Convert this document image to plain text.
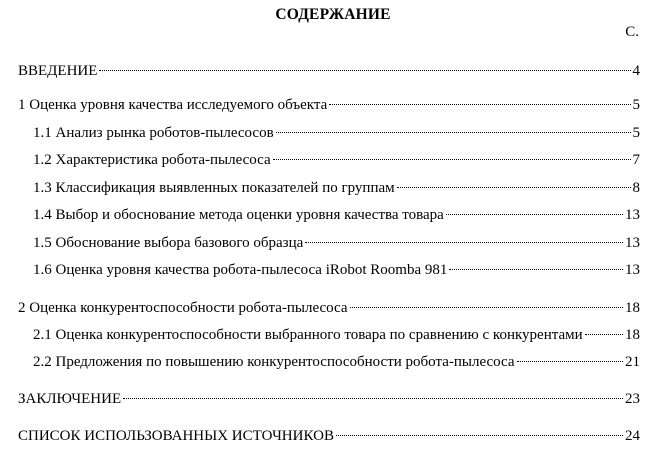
СОДЕРЖАНИЕ
С.
ВВЕДЕНИЕ	4
1 Оценка уровня качества исследуемого объекта	5
1.1 Анализ рынка роботов-пылесосов	5
1.2 Характеристика робота-пылесоса	7
1.3 Классификация выявленных показателей по группам	8
1.4 Выбор и обоснование метода оценки уровня качества товара	13
1.5 Обоснование выбора базового образца	13
1.6 Оценка уровня качества робота-пылесоса iRobot Roomba 981	13
2 Оценка конкурентоспособности робота-пылесоса	18
2.1 Оценка конкурентоспособности выбранного товара по сравнению с конкурентами	18
2.2 Предложения по повышению конкурентоспособности робота-пылесоса	21
ЗАКЛЮЧЕНИЕ	23
СПИСОК ИСПОЛЬЗОВАННЫХ ИСТОЧНИКОВ	24
